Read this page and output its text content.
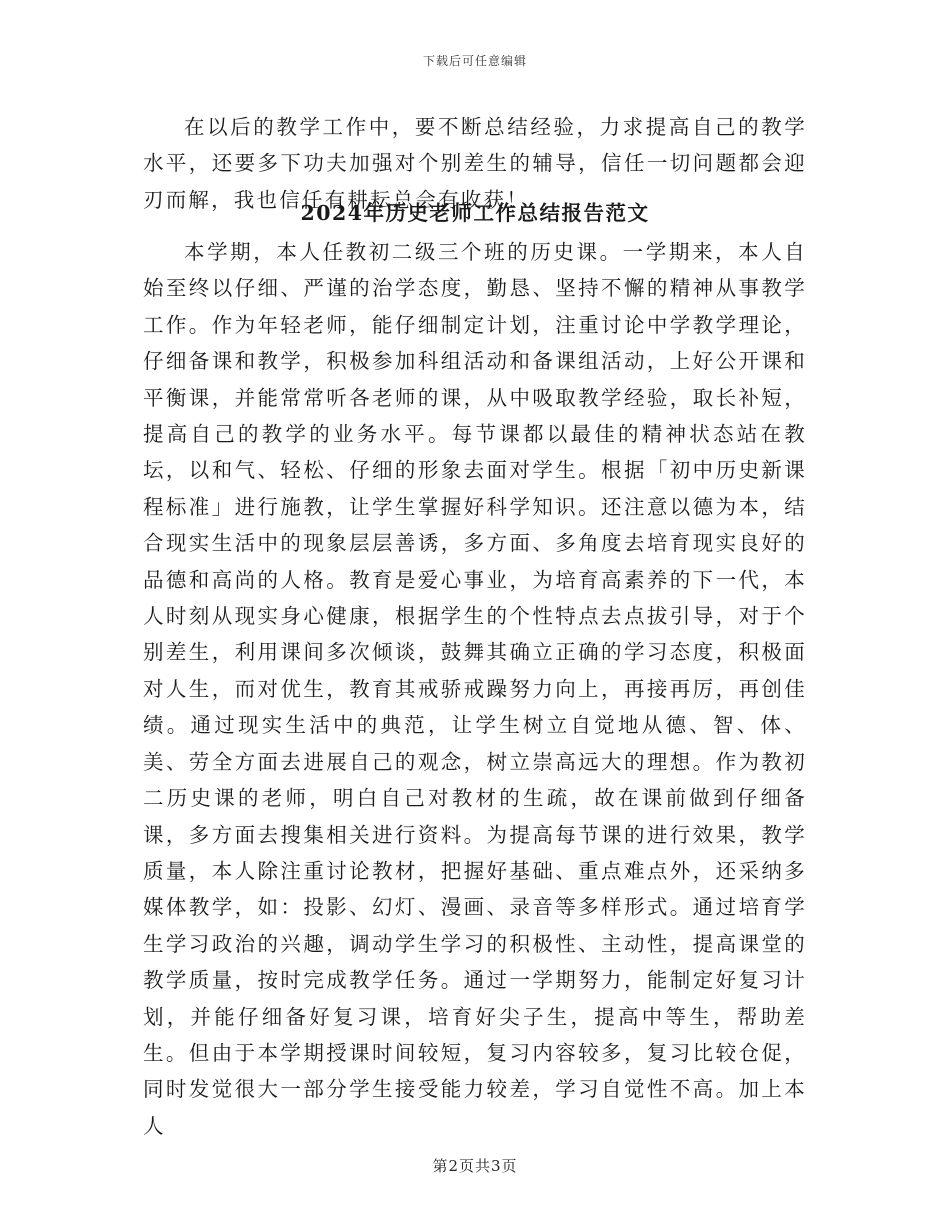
下载后可任意编辑

在以后的教学工作中，要不断总结经验，力求提高自己的教学水平，还要多下功夫加强对个别差生的辅导，信任一切问题都会迎刃而解，我也信任有耕耘总会有收获！

2024年历史老师工作总结报告范文

本学期，本人任教初二级三个班的历史课。一学期来，本人自始至终以仔细、严谨的治学态度，勤恳、坚持不懈的精神从事教学工作。作为年轻老师，能仔细制定计划，注重讨论中学教学理论，仔细备课和教学，积极参加科组活动和备课组活动，上好公开课和平衡课，并能常常听各老师的课，从中吸取教学经验，取长补短，提高自己的教学的业务水平。每节课都以最佳的精神状态站在教坛，以和气、轻松、仔细的形象去面对学生。根据「初中历史新课程标准」进行施教，让学生掌握好科学知识。还注意以德为本，结合现实生活中的现象层层善诱，多方面、多角度去培育现实良好的品德和高尚的人格。教育是爱心事业，为培育高素养的下一代，本人时刻从现实身心健康，根据学生的个性特点去点拔引导，对于个别差生，利用课间多次倾谈，鼓舞其确立正确的学习态度，积极面对人生，而对优生，教育其戒骄戒躁努力向上，再接再厉，再创佳绩。通过现实生活中的典范，让学生树立自觉地从德、智、体、美、劳全方面去进展自己的观念，树立崇高远大的理想。作为教初二历史课的老师，明白自己对教材的生疏，故在课前做到仔细备课，多方面去搜集相关进行资料。为提高每节课的进行效果，教学质量，本人除注重讨论教材，把握好基础、重点难点外，还采纳多媒体教学，如：投影、幻灯、漫画、录音等多样形式。通过培育学生学习政治的兴趣，调动学生学习的积极性、主动性，提高课堂的教学质量，按时完成教学任务。通过一学期努力，能制定好复习计划，并能仔细备好复习课，培育好尖子生，提高中等生，帮助差生。但由于本学期授课时间较短，复习内容较多，复习比较仓促，同时发觉很大一部分学生接受能力较差，学习自觉性不高。加上本人

第2页共3页
